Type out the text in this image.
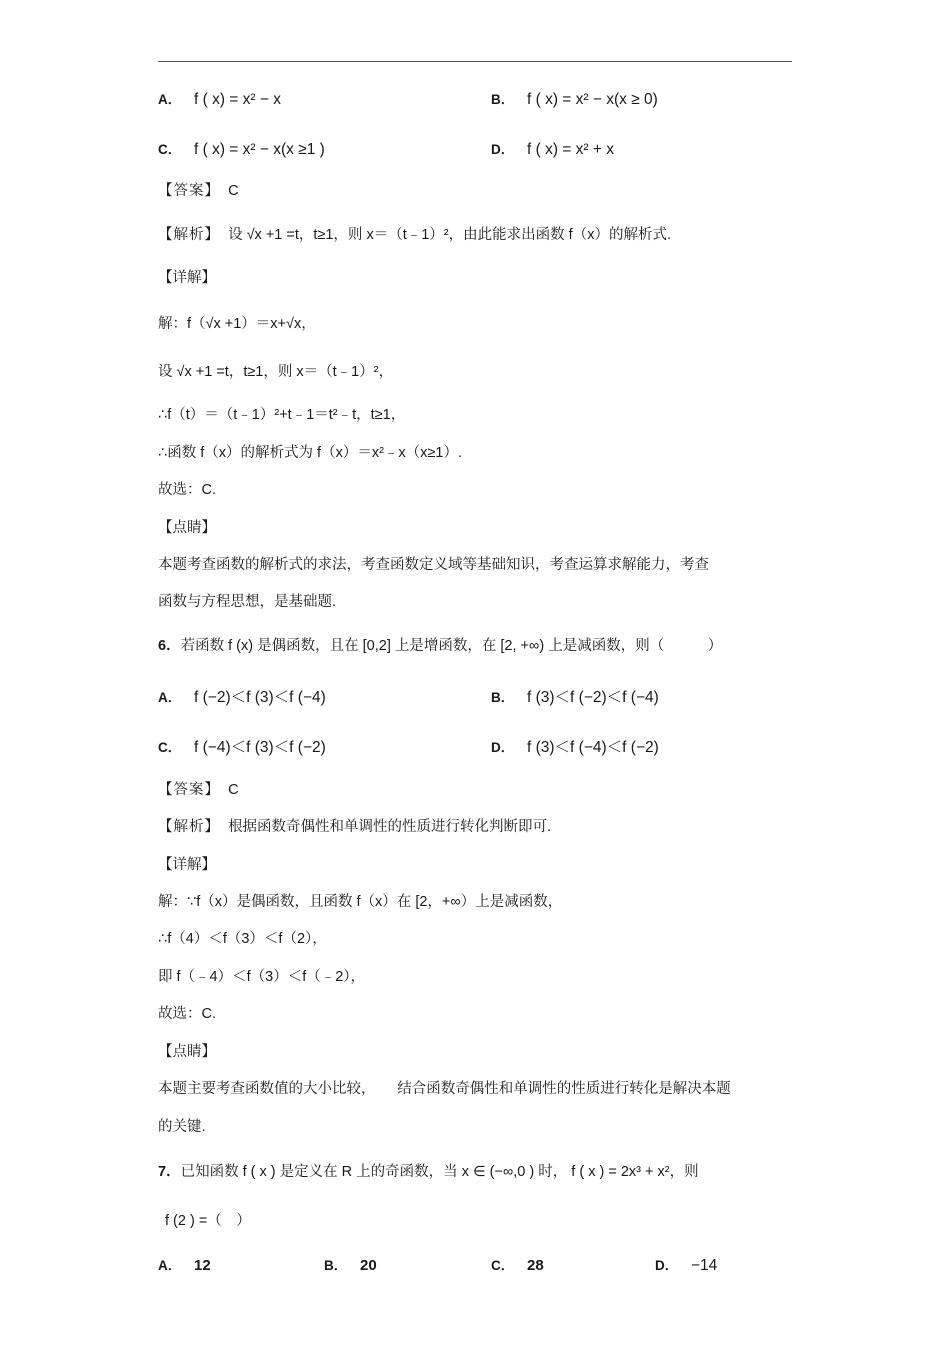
A． f ( x) = x² − x	B． f ( x) = x² − x(x ≥ 0)
C． f ( x) = x² − x(x ≥1 )	D． f ( x) = x² + x
【答案】 C
【解析】 设 √x +1 =t，t≥1，则 x＝（t﹣1）²，由此能求出函数 f（x）的解析式.
【详解】
解：f（√x +1）＝x+√x，
设 √x +1 =t，t≥1，则 x＝（t﹣1）²，
∴f（t）＝（t﹣1）²+t﹣1＝t²﹣t，t≥1，
∴函数 f（x）的解析式为 f（x）＝x²﹣x（x≥1）.
故选：C.
【点睛】
本题考查函数的解析式的求法，考查函数定义域等基础知识，考查运算求解能力，考查
函数与方程思想，是基础题.
6．若函数 f (x) 是偶函数，且在 [0,2] 上是增函数，在 [2, +∞) 上是减函数，则（　　　）
A． f (−2)＜f (3)＜f (−4)	B． f (3)＜f (−2)＜f (−4)
C． f (−4)＜f (3)＜f (−2)	D． f (3)＜f (−4)＜f (−2)
【答案】 C
【解析】 根据函数奇偶性和单调性的性质进行转化判断即可.
【详解】
解：∵f（x）是偶函数，且函数 f（x）在 [2，+∞）上是减函数，
∴f（4）＜f（3）＜f（2），
即 f（﹣4）＜f（3）＜f（﹣2），
故选：C.
【点睛】
本题主要考查函数值的大小比较，　　结合函数奇偶性和单调性的性质进行转化是解决本题
的关键.
7．已知函数 f ( x ) 是定义在 R 上的奇函数，当 x ∈ (−∞,0 ) 时， f ( x ) = 2x³ + x²，则
f (2 ) =（　）
A． 12	B． 20	C． 28	D． −14
